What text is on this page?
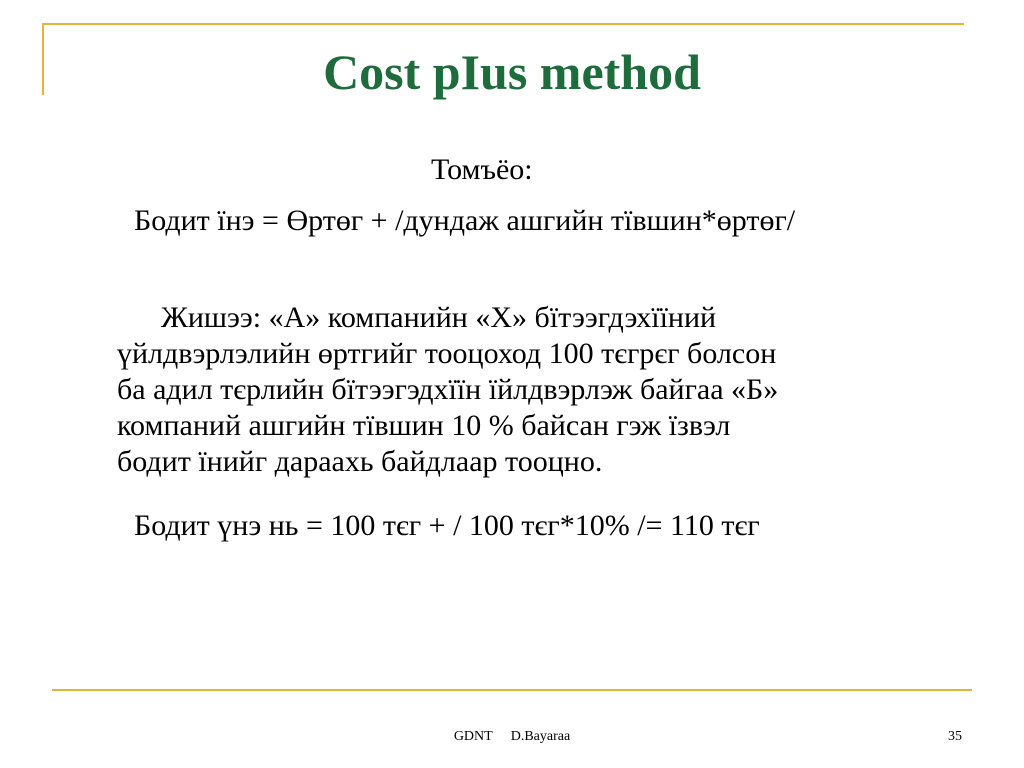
Cost pIus method
Томъёо:
Бодит їнэ = Өртөг + /дундаж ашгийн тївшин*өртөг/
Жишээ: «А» компанийн «Х» бїтээгдэхїїний
үйлдвэрлэлийн өртгийг тооцоход 100 тєгрєг болсон
ба адил тєрлийн бїтээгэдхїїн їйлдвэрлэж байгаа «Б»
компаний ашгийн тївшин 10 % байсан гэж їзвэл
бодит їнийг дараахь байдлаар тооцно.
Бодит үнэ нь = 100 тєг + / 100 тєг*10% /= 110 тєг
GDNT D.Bayaraa	35
